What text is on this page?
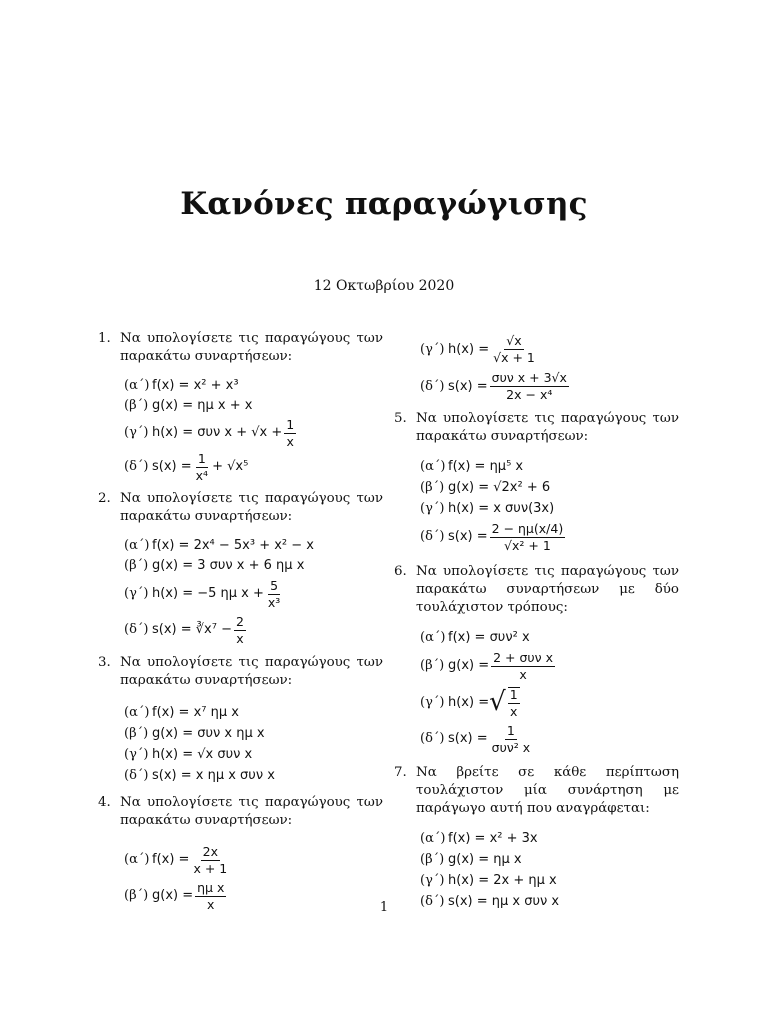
Κανόνες παραγώγισης
12 Οκτωβρίου 2020
1. Να υπολογίσετε τις παραγώγους των παρακάτω συναρτήσεων:
(α΄) f(x) = x² + x³
(β΄) g(x) = ημ x + x
(γ΄) h(x) = συν $x + √x + \frac{1}{x}$
(δ΄) $s(x) = \frac{1}{\text{x⁴}} + √x^5$
2. Να υπολογίσετε τις παραγώγους των παρακάτω συναρτήσεων:
(α΄) f(x) = 2x⁴ − 5x³ + x² − x
(β΄) g(x) = 3 συν x + 6 ημ x
(γ΄) h(x) = −5 ημ $x + \frac{5}{\text{x³}}$
(δ΄) s(x) = ∛x⁷ − $\frac{2}{x}$
3. Να υπολογίσετε τις παραγώγους των παρακάτω συναρτήσεων:
(α΄) f(x) = x⁷ ημ x
(β΄) g(x) = συν x ημ x
(γ΄) h(x) = √x συν x
(δ΄) s(x) = x ημ x συν x
4. Να υπολογίσετε τις παραγώγους των παρακάτω συναρτήσεων:
(α΄) $f(x) = \frac{2x}{x + 1}$
(β΄) $g(x) = \frac{\text{ημ x}}{x}$
(γ΄) $h(x) = \frac{√x}{√x + 1}$
(δ΄) $s(x) = \frac{\text{συν x + 3√x}}{\text{2x − x⁴}}$
5. Να υπολογίσετε τις παραγώγους των παρακάτω συναρτήσεων:
(α΄) f(x) = ημ⁵ x
(β΄) g(x) = √2x² + 6
(γ΄) h(x) = x συν(3x)
(δ΄) $s(x) = \frac{2 - \eta\mu(x/4)}{\text{√x² + 1}}$
6. Να υπολογίσετε τις παραγώγους των παρακάτω συναρτήσεων με δύο τουλάχιστον τρόπους:
(α΄) f(x) = συν² x
(β΄) $g(x) = \frac{\text{2 + συν x}}{x}$
(γ΄) h(x) = √ $\frac{1}{x}$
(δ΄) $s(x) = \frac{1}{\text{συν² x}}$
7. Να βρείτε σε κάθε περίπτωση τουλάχιστον μία συνάρτηση με παράγωγο αυτή που αναγράφεται:
(α΄) f(x) = x² + 3x
(β΄) g(x) = ημ x
(γ΄) h(x) = 2x + ημ x
(δ΄) s(x) = ημ x συν x
1
